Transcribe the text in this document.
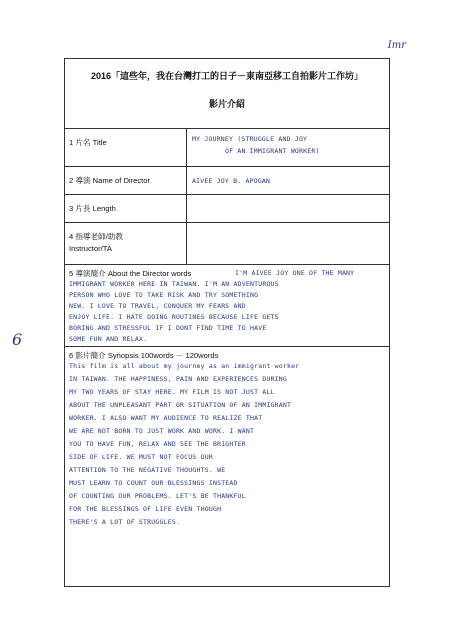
Imr
6
2016「這些年，我在台灣打工的日子－東南亞移工自拍影片工作坊」
影片介紹
1 片名 Title	MY JOURNEY (STRUGGLE AND JOY
OF AN IMMIGRANT WORKER)
2 導演 Name of Director	AIVEE JOY B. APOGAN
3 片長 Length
4 指導老師/助教
Instructor/TA
5 導演簡介 About the Director words	I'M AIVEE JOY ONE OF THE MANY
IMMIGRANT WORKER HERE IN TAIWAN. I'M AN ADVENTUROUS
PERSON WHO LOVE TO TAKE RISK AND TRY SOMETHING
NEW. I LOVE TO TRAVEL, CONQUER MY FEARS AND
ENJOY LIFE. I HATE DOING ROUTINES BECAUSE LIFE GETS
BORING AND STRESSFUL IF I DONT FIND TIME TO HAVE
SOME FUN AND RELAX.
6 影片簡介 Synopsis 100words － 120words
This film is all about my journey as an immigrant worker
IN TAIWAN. THE HAPPINESS, PAIN AND EXPERIENCES DURING
MY TWO YEARS OF STAY HERE. MY FILM IS NOT JUST ALL
ABOUT THE UNPLEASANT PART OR SITUATION OF AN IMMIGRANT
WORKER. I ALSO WANT MY AUDIENCE TO REALIZE THAT
WE ARE NOT BORN TO JUST WORK AND WORK. I WANT
YOU TO HAVE FUN, RELAX AND SEE THE BRIGHTER
SIDE OF LIFE. WE MUST NOT FOCUS OUR
ATTENTION TO THE NEGATIVE THOUGHTS. WE
MUST LEARN TO COUNT OUR BLESSINGS INSTEAD
OF COUNTING OUR PROBLEMS. LET'S BE THANKFUL
FOR THE BLESSINGS OF LIFE EVEN THOUGH
THERE'S A LOT OF STRUGGLES.
